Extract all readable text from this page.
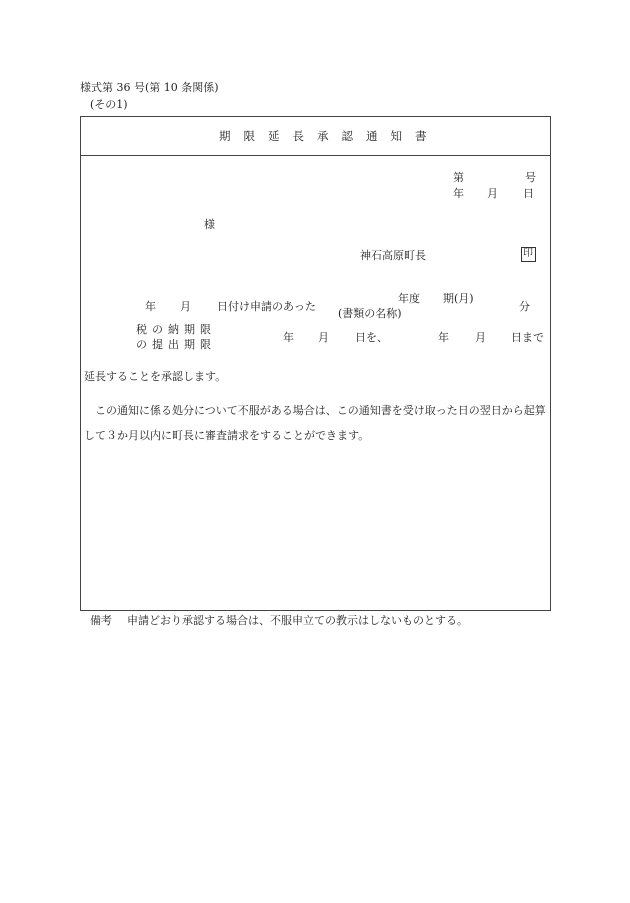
様式第 36 号(第 10 条関係)
(その1)
期限延長承認通知書
第	号
年 月 日
様
神石高原町長	印
年 月 日付け申請のあった
年度 期(月)
(書類の名称)
分
税の納期限
の提出期限
年 月 日を、	年 月 日まで
延長することを承認します。
　この通知に係る処分について不服がある場合は、この通知書を受け取った日の翌日から起算して３か月以内に町長に審査請求をすることができます。
備考 申請どおり承認する場合は、不服申立ての教示はしないものとする。
